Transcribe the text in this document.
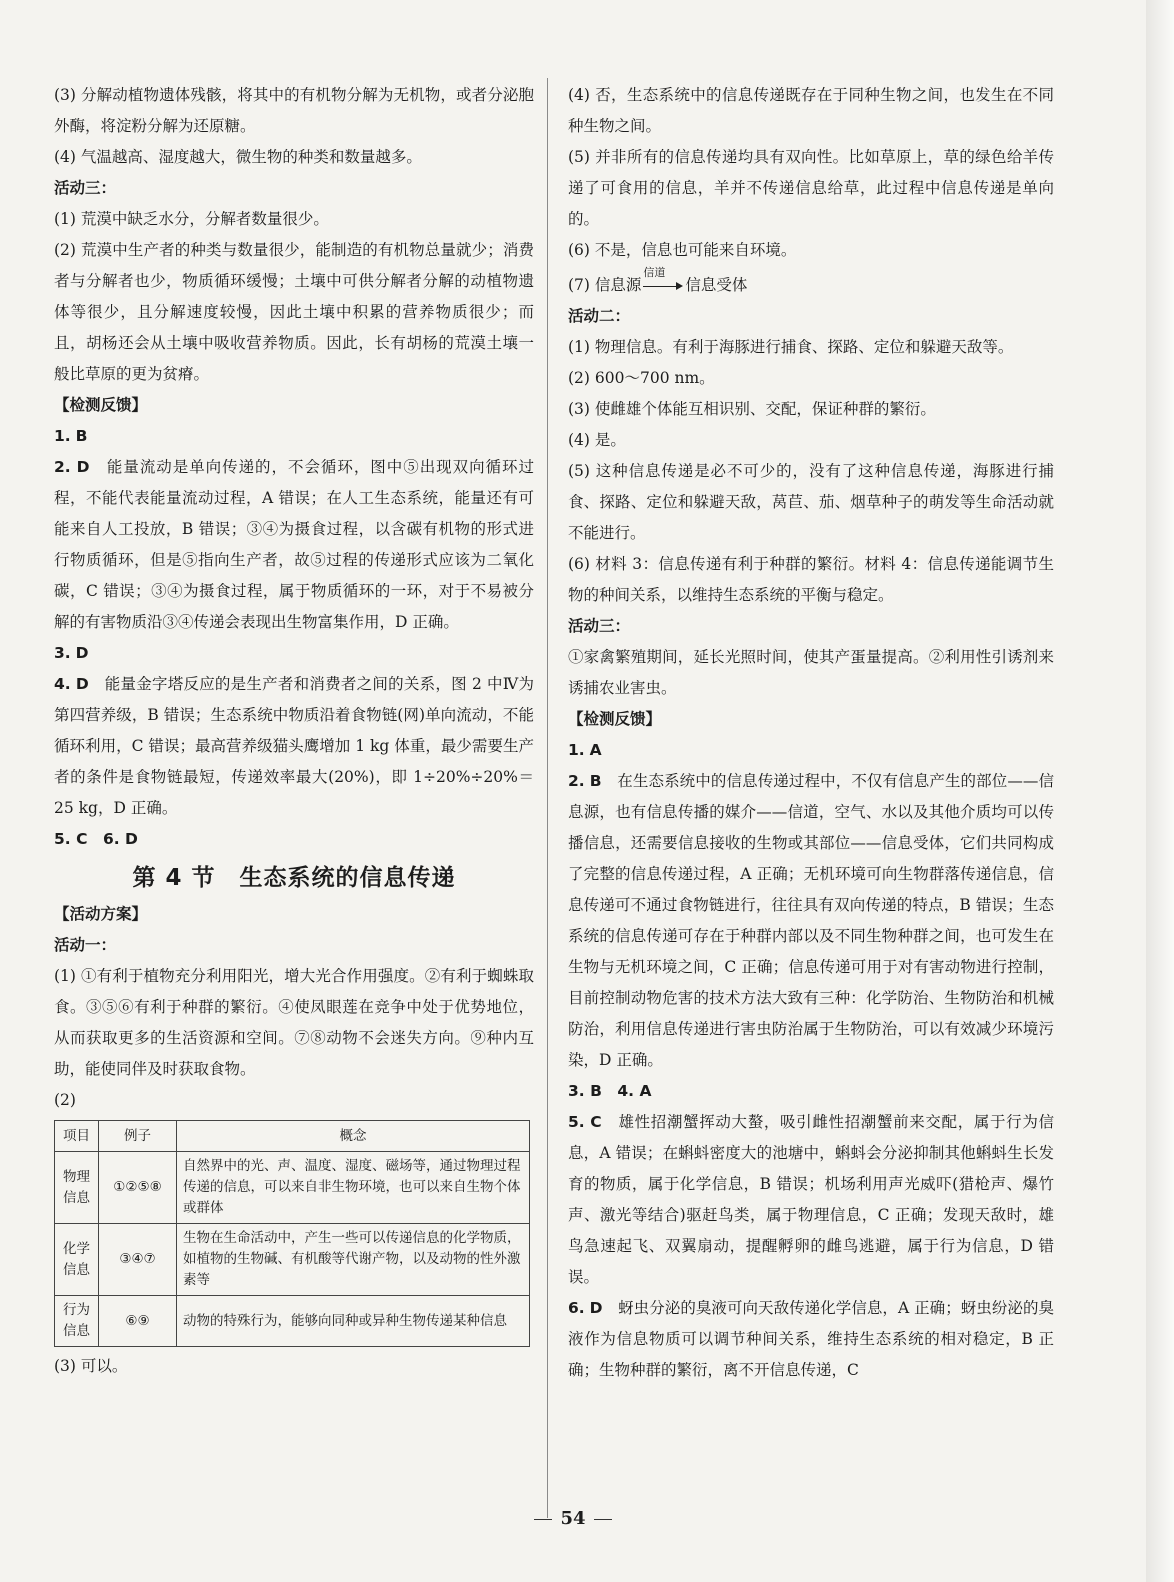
(3) 分解动植物遗体残骸，将其中的有机物分解为无机物，或者分泌胞外酶，将淀粉分解为还原糖。

(4) 气温越高、湿度越大，微生物的种类和数量越多。

活动三：

(1) 荒漠中缺乏水分，分解者数量很少。

(2) 荒漠中生产者的种类与数量很少，能制造的有机物总量就少；消费者与分解者也少，物质循环缓慢；土壤中可供分解者分解的动植物遗体等很少，且分解速度较慢，因此土壤中积累的营养物质很少；而且，胡杨还会从土壤中吸收营养物质。因此，长有胡杨的荒漠土壤一般比草原的更为贫瘠。

【检测反馈】

1. B

2. D　 能量流动是单向传递的，不会循环，图中⑤出现双向循环过程，不能代表能量流动过程，A 错误；在人工生态系统，能量还有可能来自人工投放，B 错误；③④为摄食过程，以含碳有机物的形式进行物质循环，但是⑤指向生产者，故⑤过程的传递形式应该为二氧化碳，C 错误；③④为摄食过程，属于物质循环的一环，对于不易被分解的有害物质沿③④传递会表现出生物富集作用，D 正确。

3. D

4. D　 能量金字塔反应的是生产者和消费者之间的关系，图 2 中Ⅳ为第四营养级，B 错误；生态系统中物质沿着食物链(网)单向流动，不能循环利用，C 错误；最高营养级猫头鹰增加 1 kg 体重，最少需要生产者的条件是食物链最短，传递效率最大(20%)，即 1÷20%÷20%＝25 kg，D 正确。

5. C　6. D

第 4 节　生态系统的信息传递

【活动方案】

活动一：

(1) ①有利于植物充分利用阳光，增大光合作用强度。②有利于蜘蛛取食。③⑤⑥有利于种群的繁衍。④使凤眼莲在竞争中处于优势地位，从而获取更多的生活资源和空间。⑦⑧动物不会迷失方向。⑨种内互助，能使同伴及时获取食物。

(2)

项目	例子	概念
物理信息	①②⑤⑧	自然界中的光、声、温度、湿度、磁场等，通过物理过程传递的信息，可以来自非生物环境，也可以来自生物个体或群体
化学信息	③④⑦	生物在生命活动中，产生一些可以传递信息的化学物质，如植物的生物碱、有机酸等代谢产物，以及动物的性外激素等
行为信息	⑥⑨	动物的特殊行为，能够向同种或异种生物传递某种信息

(3) 可以。

(4) 否，生态系统中的信息传递既存在于同种生物之间，也发生在不同种生物之间。

(5) 并非所有的信息传递均具有双向性。比如草原上，草的绿色给羊传递了可食用的信息，羊并不传递信息给草，此过程中信息传递是单向的。

(6) 不是，信息也可能来自环境。

(7) 信息源
信道
信息受体

活动二：

(1) 物理信息。有利于海豚进行捕食、探路、定位和躲避天敌等。

(2) 600～700 nm。

(3) 使雌雄个体能互相识别、交配，保证种群的繁衍。

(4) 是。

(5) 这种信息传递是必不可少的，没有了这种信息传递，海豚进行捕食、探路、定位和躲避天敌，莴苣、茄、烟草种子的萌发等生命活动就不能进行。

(6) 材料 3：信息传递有利于种群的繁衍。材料 4：信息传递能调节生物的种间关系，以维持生态系统的平衡与稳定。

活动三：

①家禽繁殖期间，延长光照时间，使其产蛋量提高。②利用性引诱剂来诱捕农业害虫。

【检测反馈】

1. A

2. B　 在生态系统中的信息传递过程中，不仅有信息产生的部位——信息源，也有信息传播的媒介——信道，空气、水以及其他介质均可以传播信息，还需要信息接收的生物或其部位——信息受体，它们共同构成了完整的信息传递过程，A 正确；无机环境可向生物群落传递信息，信息传递可不通过食物链进行，往往具有双向传递的特点，B 错误；生态系统的信息传递可存在于种群内部以及不同生物种群之间，也可发生在生物与无机环境之间，C 正确；信息传递可用于对有害动物进行控制，目前控制动物危害的技术方法大致有三种：化学防治、生物防治和机械防治，利用信息传递进行害虫防治属于生物防治，可以有效减少环境污染，D 正确。

3. B　4. A

5. C　 雄性招潮蟹挥动大螯，吸引雌性招潮蟹前来交配，属于行为信息，A 错误；在蝌蚪密度大的池塘中，蝌蚪会分泌抑制其他蝌蚪生长发育的物质，属于化学信息，B 错误；机场利用声光威吓(猎枪声、爆竹声、激光等结合)驱赶鸟类，属于物理信息，C 正确；发现天敌时，雄鸟急速起飞、双翼扇动，提醒孵卵的雌鸟逃避，属于行为信息，D 错误。

6. D　 蚜虫分泌的臭液可向天敌传递化学信息，A 正确；蚜虫纷泌的臭液作为信息物质可以调节种间关系，维持生态系统的相对稳定，B 正确；生物种群的繁衍，离不开信息传递，C

54
